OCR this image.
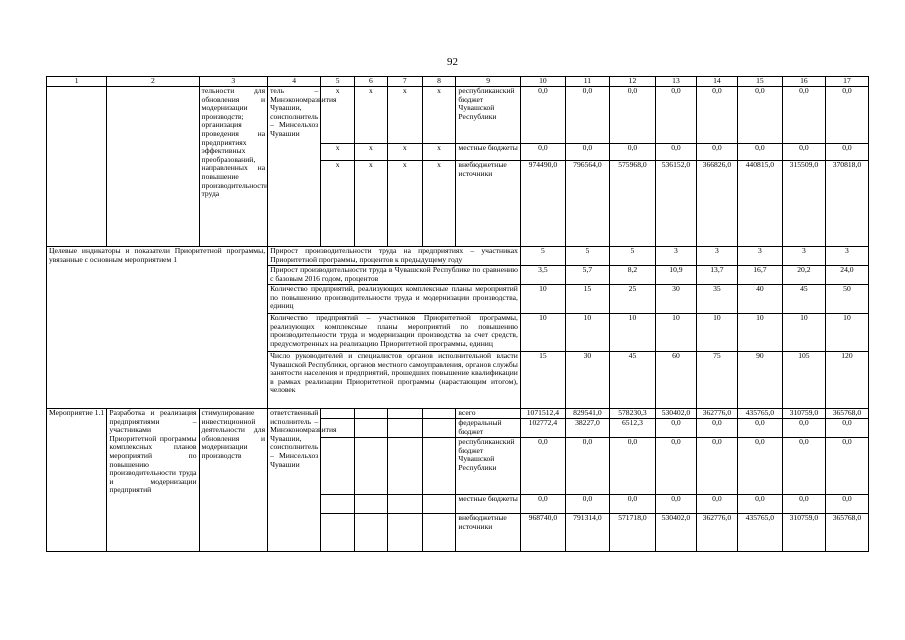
92
1	2	3	4	5	6	7	8	9	10	11	12	13	14	15	16	17
		тельности для обновления и модернизации производств; организация проведения на предприятиях эффективных преобразований, направленных на повышение производительности труда	тель – Минэкономразвития Чувашии, соисполнитель – Минсельхоз Чувашии	x	x	x	x	республиканский бюджет Чувашской Республики	0,0	0,0	0,0	0,0	0,0	0,0	0,0	0,0
				x	x	x	x	местные бюджеты	0,0	0,0	0,0	0,0	0,0	0,0	0,0	0,0
				x	x	x	x	внебюджетные источники	974490,0	796564,0	575968,0	536152,0	366826,0	440815,0	315509,0	370818,0
Целевые индикаторы и показатели Приоритетной программы, увязанные с основным мероприятием 1			Прирост производительности труда на предприятиях – участниках Приоритетной программы, процентов к предыдущему году						5	5	5	3	3	3	3	3
			Прирост производительности труда в Чувашской Республике по сравнению с базовым 2016 годом, процентов						3,5	5,7	8,2	10,9	13,7	16,7	20,2	24,0
			Количество предприятий, реализующих комплексные планы мероприятий по повышению производительности труда и модернизации производства, единиц						10	15	25	30	35	40	45	50
			Количество предприятий – участников Приоритетной программы, реализующих комплексные планы мероприятий по повышению производительности труда и модернизации производства за счет средств, предусмотренных на реализацию Приоритетной программы, единиц						10	10	10	10	10	10	10	10
			Число руководителей и специалистов органов исполнительной власти Чувашской Республики, органов местного самоуправления, органов службы занятости населения и предприятий, прошедших повышение квалификации в рамках реализации Приоритетной программы (нарастающим итогом), человек						15	30	45	60	75	90	105	120
Мероприятие 1.1	Разработка и реализация предприятиями – участниками Приоритетной программы комплексных планов мероприятий по повышению производительности труда и модернизации предприятий	стимулирование инвестиционной деятельности для обновления и модернизации производств	ответственный исполнитель – Минэкономразвития Чувашии, соисполнитель – Минсельхоз Чувашии					всего	1071512,4	829541,0	578230,3	530402,0	362776,0	435765,0	310759,0	365768,0
								федеральный бюджет	102772,4	38227,0	6512,3	0,0	0,0	0,0	0,0	0,0
								республиканский бюджет Чувашской Республики	0,0	0,0	0,0	0,0	0,0	0,0	0,0	0,0
								местные бюджеты	0,0	0,0	0,0	0,0	0,0	0,0	0,0	0,0
								внебюджетные источники	968740,0	791314,0	571718,0	530402,0	362776,0	435765,0	310759,0	365768,0
